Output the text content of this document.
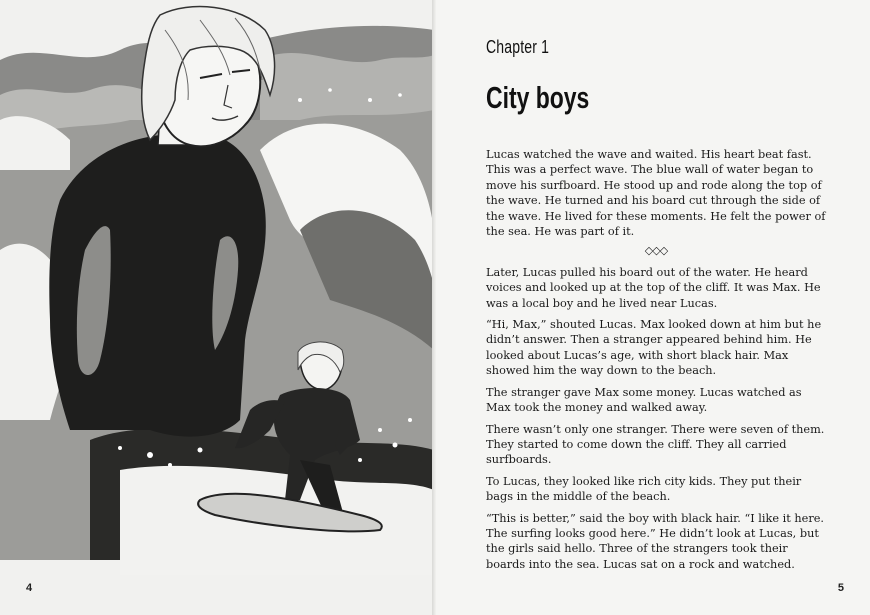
4
Chapter 1
City boys

Lucas watched the wave and waited. His heart beat fast. This was a perfect wave. The blue wall of water began to move his surfboard. He stood up and rode along the top of the wave. He turned and his board cut through the side of the wave. He lived for these moments. He felt the power of the sea. He was part of it.

◇◇◇

Later, Lucas pulled his board out of the water. He heard voices and looked up at the top of the cliff. It was Max. He was a local boy and he lived near Lucas.

“Hi, Max,” shouted Lucas. Max looked down at him but he didn’t answer. Then a stranger appeared behind him. He looked about Lucas’s age, with short black hair. Max showed him the way down to the beach.

The stranger gave Max some money. Lucas watched as Max took the money and walked away.

There wasn’t only one stranger. There were seven of them. They started to come down the cliff. They all carried surfboards.

To Lucas, they looked like rich city kids. They put their bags in the middle of the beach.

“This is better,” said the boy with black hair. “I like it here. The surfing looks good here.” He didn’t look at Lucas, but the girls said hello. Three of the strangers took their boards into the sea. Lucas sat on a rock and watched.

5
